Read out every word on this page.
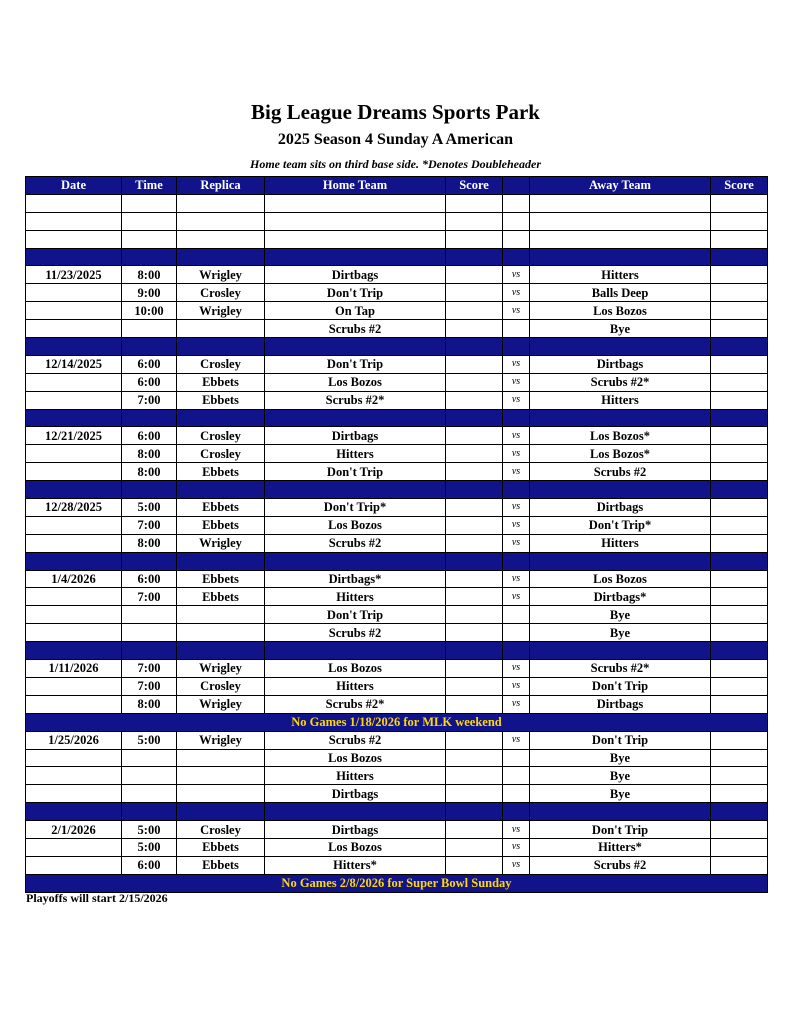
Big League Dreams Sports Park
2025 Season 4 Sunday A American
Home team sits on third base side. *Denotes Doubleheader
Date	Time	Replica	Home Team	Score		Away Team	Score

11/23/2025	8:00	Wrigley	Dirtbags		vs	Hitters	
	9:00	Crosley	Don't Trip		vs	Balls Deep	
	10:00	Wrigley	On Tap		vs	Los Bozos	
			Scrubs #2			Bye	

12/14/2025	6:00	Crosley	Don't Trip		vs	Dirtbags	
	6:00	Ebbets	Los Bozos		vs	Scrubs #2*	
	7:00	Ebbets	Scrubs #2*		vs	Hitters	

12/21/2025	6:00	Crosley	Dirtbags		vs	Los Bozos*	
	8:00	Crosley	Hitters		vs	Los Bozos*	
	8:00	Ebbets	Don't Trip		vs	Scrubs #2	

12/28/2025	5:00	Ebbets	Don't Trip*		vs	Dirtbags	
	7:00	Ebbets	Los Bozos		vs	Don't Trip*	
	8:00	Wrigley	Scrubs #2		vs	Hitters	

1/4/2026	6:00	Ebbets	Dirtbags*		vs	Los Bozos	
	7:00	Ebbets	Hitters		vs	Dirtbags*	
			Don't Trip			Bye	
			Scrubs #2			Bye	

1/11/2026	7:00	Wrigley	Los Bozos		vs	Scrubs #2*	
	7:00	Crosley	Hitters		vs	Don't Trip	
	8:00	Wrigley	Scrubs #2*		vs	Dirtbags	
No Games 1/18/2026 for MLK weekend							
1/25/2026	5:00	Wrigley	Scrubs #2		vs	Don't Trip	
			Los Bozos			Bye	
			Hitters			Bye	
			Dirtbags			Bye	

2/1/2026	5:00	Crosley	Dirtbags		vs	Don't Trip	
	5:00	Ebbets	Los Bozos		vs	Hitters*	
	6:00	Ebbets	Hitters*		vs	Scrubs #2	
No Games 2/8/2026 for Super Bowl Sunday							
Playoffs will start 2/15/2026
